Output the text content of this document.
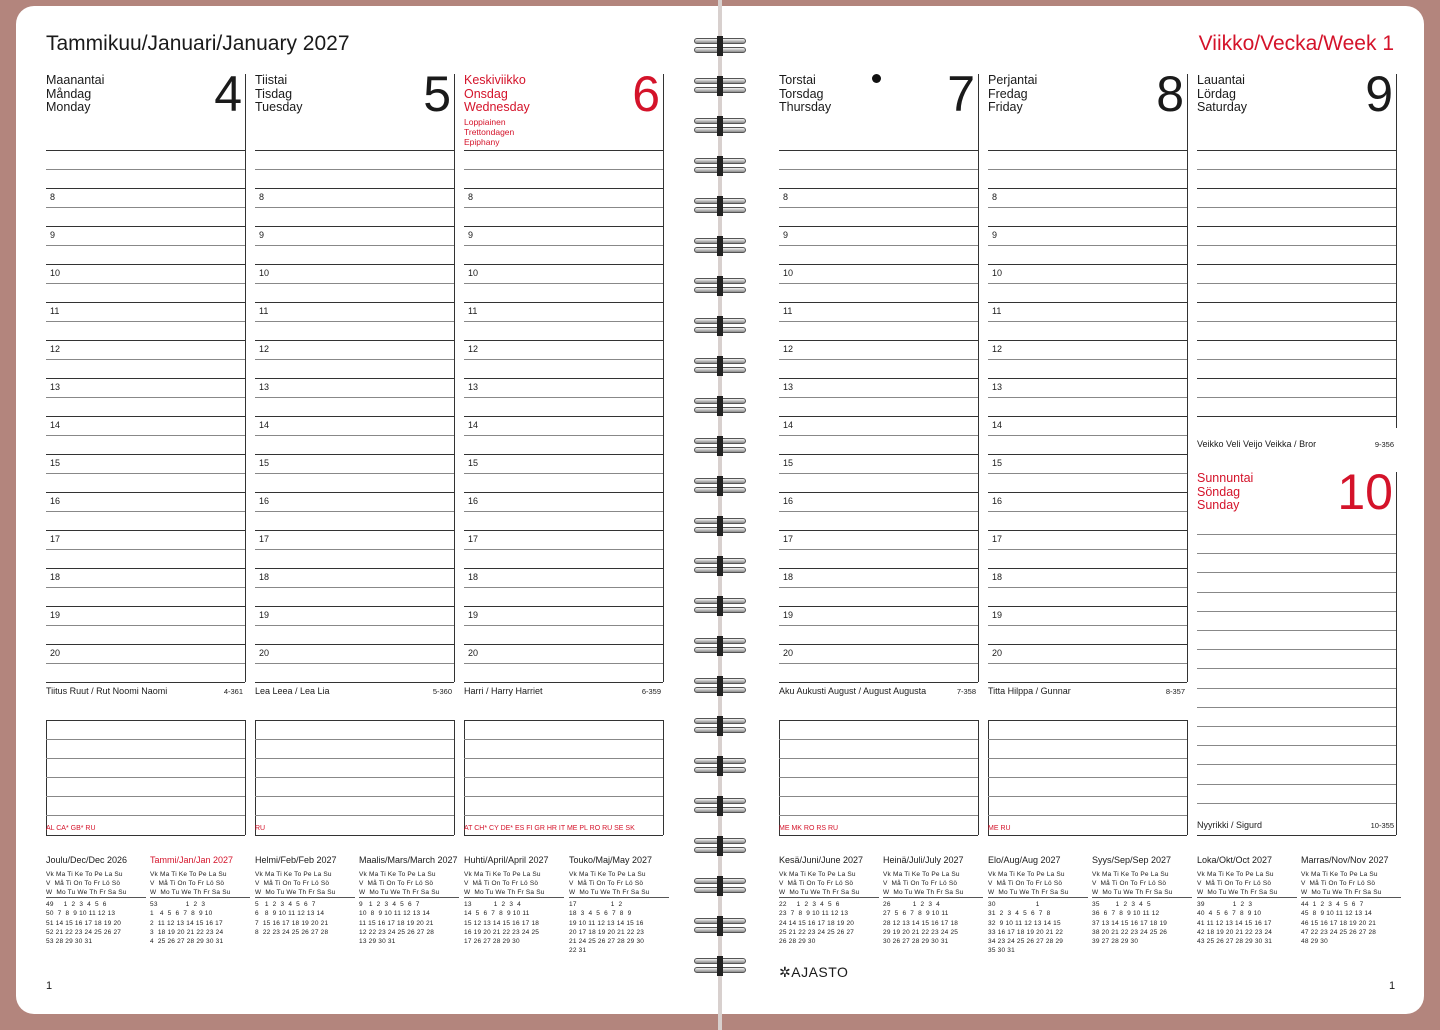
Tammikuu/Januari/January 2027	Viikko/Vecka/Week 1
Maanantai
Måndag
Monday 4
8
9
10
11
12
13
14
15
16
17
18
19
20
Tiitus Ruut / Rut Noomi Naomi	4-361
AL CA* GB* RU
Tiistai
Tisdag
Tuesday 5
8
9
10
11
12
13
14
15
16
17
18
19
20
Lea Leea / Lea Lia	5-360
RU
Keskiviikko
Onsdag
Wednesday 6
Loppiainen
Trettondagen
Epiphany
8
9
10
11
12
13
14
15
16
17
18
19
20
Harri / Harry Harriet	6-359
AT CH* CY DE* ES FI GR HR IT ME PL RO RU SE SK
Torstai
Torsdag
Thursday 7
8
9
10
11
12
13
14
15
16
17
18
19
20
Aku Aukusti August / August Augusta	7-358
ME MK RO RS RU
Perjantai
Fredag
Friday	8
8
9
10
11
12
13
14
15
16
17
18
19
20
Titta Hilppa / Gunnar	8-357
ME RU
Lauantai
Lördag
Saturday 9
Veikko Veli Veijo Veikka / Bror	9-356
Sunnuntai
Söndag
Sunday 10
Nyyrikki / Sigurd	10-355
Joulu/Dec/Dec 2026
Vk Ma Ti Ke To Pe La Su
V  Må Ti On To Fr Lö Sö
W  Mo Tu We Th Fr Sa Su
49     1  2  3  4  5  6
50  7  8  9 10 11 12 13
51 14 15 16 17 18 19 20
52 21 22 23 24 25 26 27
53 28 29 30 31
Tammi/Jan/Jan 2027
Vk Ma Ti Ke To Pe La Su
V  Må Ti On To Fr Lö Sö
W  Mo Tu We Th Fr Sa Su
53              1  2  3
1   4  5  6  7  8  9 10
2  11 12 13 14 15 16 17
3  18 19 20 21 22 23 24
4  25 26 27 28 29 30 31
Helmi/Feb/Feb 2027
Vk Ma Ti Ke To Pe La Su
V  Må Ti On To Fr Lö Sö
W  Mo Tu We Th Fr Sa Su
5   1  2  3  4  5  6  7
6   8  9 10 11 12 13 14
7  15 16 17 18 19 20 21
8  22 23 24 25 26 27 28
Maalis/Mars/March 2027
Vk Ma Ti Ke To Pe La Su
V  Må Ti On To Fr Lö Sö
W  Mo Tu We Th Fr Sa Su
9   1  2  3  4  5  6  7
10  8  9 10 11 12 13 14
11 15 16 17 18 19 20 21
12 22 23 24 25 26 27 28
13 29 30 31
Huhti/April/April 2027
Vk Ma Ti Ke To Pe La Su
V  Må Ti On To Fr Lö Sö
W  Mo Tu We Th Fr Sa Su
13           1  2  3  4
14  5  6  7  8  9 10 11
15 12 13 14 15 16 17 18
16 19 20 21 22 23 24 25
17 26 27 28 29 30
Touko/Maj/May 2027
Vk Ma Ti Ke To Pe La Su
V  Må Ti On To Fr Lö Sö
W  Mo Tu We Th Fr Sa Su
17                 1  2
18  3  4  5  6  7  8  9
19 10 11 12 13 14 15 16
20 17 18 19 20 21 22 23
21 24 25 26 27 28 29 30
22 31
Kesä/Juni/June 2027
Vk Ma Ti Ke To Pe La Su
V  Må Ti On To Fr Lö Sö
W  Mo Tu We Th Fr Sa Su
22     1  2  3  4  5  6
23  7  8  9 10 11 12 13
24 14 15 16 17 18 19 20
25 21 22 23 24 25 26 27
26 28 29 30
Heinä/Juli/July 2027
Vk Ma Ti Ke To Pe La Su
V  Må Ti On To Fr Lö Sö
W  Mo Tu We Th Fr Sa Su
26           1  2  3  4
27  5  6  7  8  9 10 11
28 12 13 14 15 16 17 18
29 19 20 21 22 23 24 25
30 26 27 28 29 30 31
Elo/Aug/Aug 2027
Vk Ma Ti Ke To Pe La Su
V  Må Ti On To Fr Lö Sö
W  Mo Tu We Th Fr Sa Su
30                    1
31  2  3  4  5  6  7  8
32  9 10 11 12 13 14 15
33 16 17 18 19 20 21 22
34 23 24 25 26 27 28 29
35 30 31
Syys/Sep/Sep 2027
Vk Ma Ti Ke To Pe La Su
V  Må Ti On To Fr Lö Sö
W  Mo Tu We Th Fr Sa Su
35        1  2  3  4  5
36  6  7  8  9 10 11 12
37 13 14 15 16 17 18 19
38 20 21 22 23 24 25 26
39 27 28 29 30
Loka/Okt/Oct 2027
Vk Ma Ti Ke To Pe La Su
V  Må Ti On To Fr Lö Sö
W  Mo Tu We Th Fr Sa Su
39              1  2  3
40  4  5  6  7  8  9 10
41 11 12 13 14 15 16 17
42 18 19 20 21 22 23 24
43 25 26 27 28 29 30 31
Marras/Nov/Nov 2027
Vk Ma Ti Ke To Pe La Su
V  Må Ti On To Fr Lö Sö
W  Mo Tu We Th Fr Sa Su
44  1  2  3  4  5  6  7
45  8  9 10 11 12 13 14
46 15 16 17 18 19 20 21
47 22 23 24 25 26 27 28
48 29 30
1	1
✲AJASTO
